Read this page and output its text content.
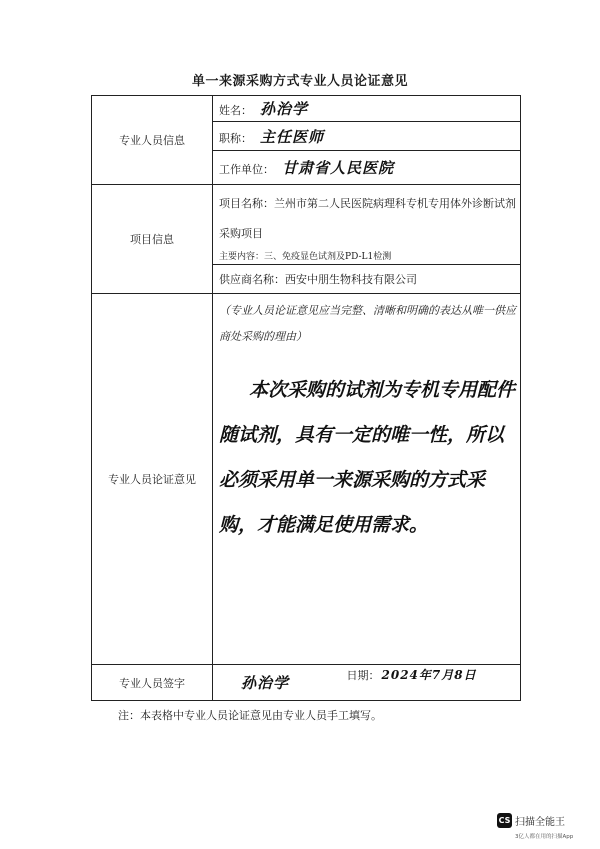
单一来源采购方式专业人员论证意见
专业人员信息	姓名： 孙治学
	职称： 主任医师
	工作单位： 甘肃省人民医院
项目信息	项目名称：兰州市第二人民医院病理科专机专用体外诊断试剂采购项目
主要内容：三、免疫显色试剂及PD-L1检测

	供应商名称：西安中朋生物科技有限公司
专业人员论证意见	（专业人员论证意见应当完整、清晰和明确的表达从唯一供应商处采购的理由）
本次采购的试剂为专机专用配件随试剂，具有一定的唯一性，所以必须采用单一来源采购的方式采购，才能满足使用需求。

专业人员签字	孙治学 日期： 2024年7月8日
注：本表格中专业人员论证意见由专业人员手工填写。
CS 扫描全能王
3亿人都在用的扫描App
